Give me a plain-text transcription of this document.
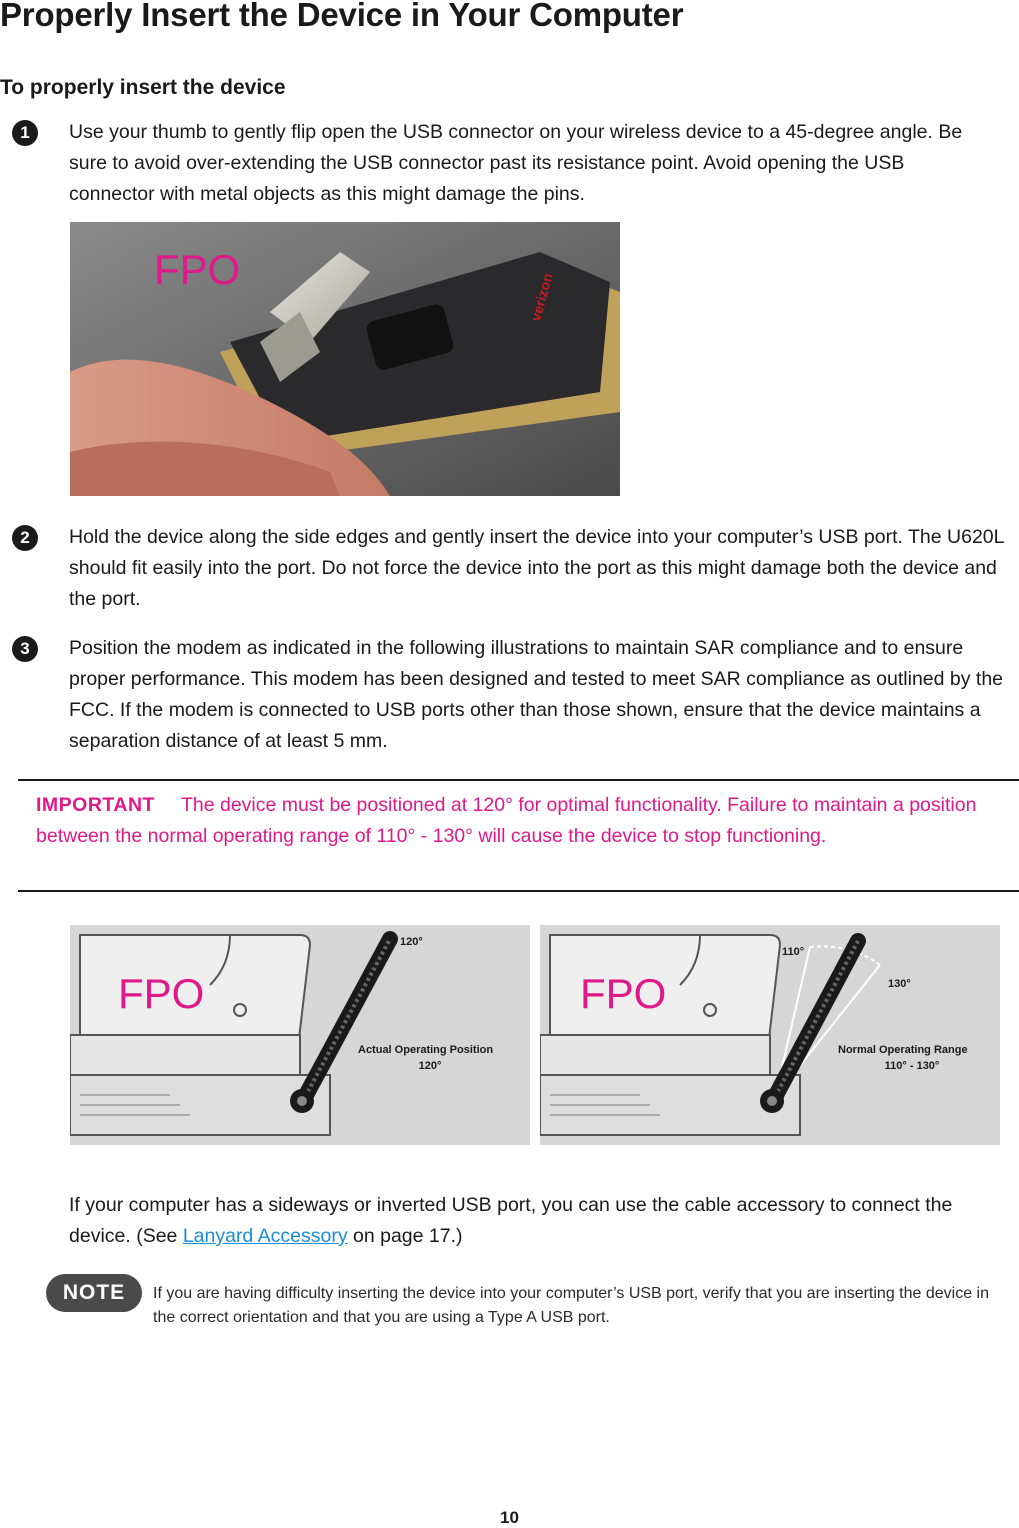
Properly Insert the Device in Your Computer
To properly insert the device
1	Use your thumb to gently flip open the USB connector on your wireless device to a 45-degree angle. Be sure to avoid over-extending the USB connector past its resistance point. Avoid opening the USB connector with metal objects as this might damage the pins.

verizon
FPO
2	Hold the device along the side edges and gently insert the device into your computer’s USB port. The U620L should fit easily into the port. Do not force the device into the port as this might damage both the device and the port.

3	Position the modem as indicated in the following illustrations to maintain SAR compliance and to ensure proper performance. This modem has been designed and tested to meet SAR compliance as outlined by the FCC. If the modem is connected to USB ports other than those shown, ensure that the device maintains a separation distance of at least 5 mm.

IMPORTANT The device must be positioned at 120° for optimal functionality. Failure to maintain a position between the normal operating range of 110° - 130° will cause the device to stop functioning.

120°
Actual Operating Position
120°
FPO
110°
130°
Normal Operating Range
110° - 130°
FPO

If your computer has a sideways or inverted USB port, you can use the cable accessory to connect the device. (See Lanyard Accessory on page 17.)

NOTE	If you are having difficulty inserting the device into your computer’s USB port, verify that you are inserting the device in the correct orientation and that you are using a Type A USB port.

10
